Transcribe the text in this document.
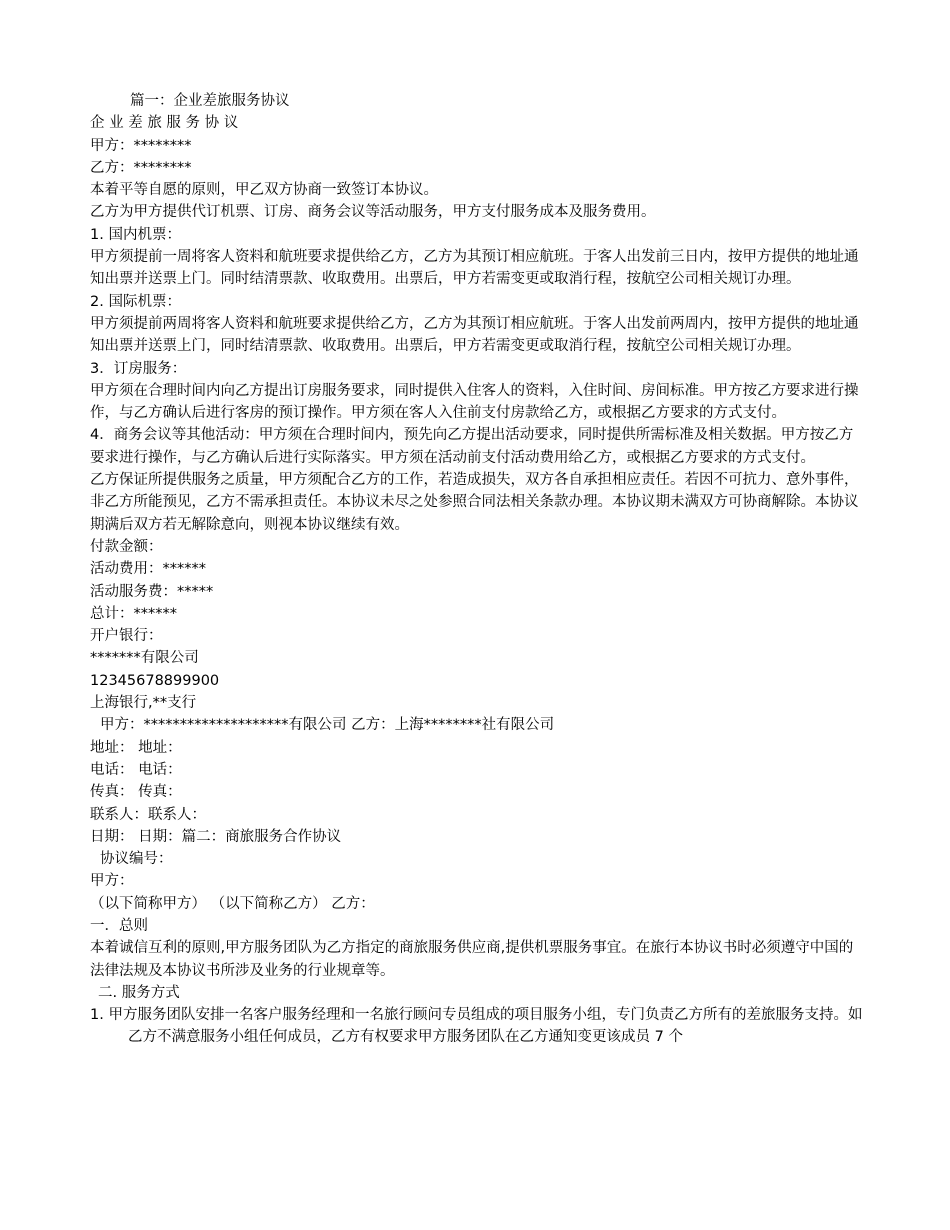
篇一：企业差旅服务协议
企 业 差 旅 服 务 协 议
甲方：********
乙方：********
本着平等自愿的原则，甲乙双方协商一致签订本协议。
乙方为甲方提供代订机票、订房、商务会议等活动服务，甲方支付服务成本及服务费用。
1. 国内机票：
甲方须提前一周将客人资料和航班要求提供给乙方，乙方为其预订相应航班。于客人出发前三日内，按甲方提供的地址通知出票并送票上门。同时结清票款、收取费用。出票后，甲方若需变更或取消行程，按航空公司相关规订办理。
2. 国际机票：
甲方须提前两周将客人资料和航班要求提供给乙方，乙方为其预订相应航班。于客人出发前两周内，按甲方提供的地址通知出票并送票上门，同时结清票款、收取费用。出票后，甲方若需变更或取消行程，按航空公司相关规订办理。
3．订房服务：
甲方须在合理时间内向乙方提出订房服务要求，同时提供入住客人的资料，入住时间、房间标准。甲方按乙方要求进行操作，与乙方确认后进行客房的预订操作。甲方须在客人入住前支付房款给乙方，或根据乙方要求的方式支付。
4．商务会议等其他活动：甲方须在合理时间内，预先向乙方提出活动要求，同时提供所需标准及相关数据。甲方按乙方要求进行操作，与乙方确认后进行实际落实。甲方须在活动前支付活动费用给乙方，或根据乙方要求的方式支付。
乙方保证所提供服务之质量，甲方须配合乙方的工作，若造成损失，双方各自承担相应责任。若因不可抗力、意外事件，非乙方所能预见，乙方不需承担责任。本协议未尽之处参照合同法相关条款办理。本协议期未满双方可协商解除。本协议期满后双方若无解除意向，则视本协议继续有效。
付款金额：
活动费用：******
活动服务费：*****
总计：******
开户银行：
*******有限公司
12345678899900
上海银行,**支行
甲方：********************有限公司 乙方：上海********社有限公司
地址： 地址：
电话： 电话：
传真： 传真：
联系人：联系人：
日期： 日期：篇二：商旅服务合作协议
协议编号：
甲方：
（以下简称甲方） （以下简称乙方） 乙方：
一．总则
本着诚信互利的原则,甲方服务团队为乙方指定的商旅服务供应商,提供机票服务事宜。在旅行本协议书时必须遵守中国的法律法规及本协议书所涉及业务的行业规章等。
二. 服务方式
1. 甲方服务团队安排一名客户服务经理和一名旅行顾问专员组成的项目服务小组，专门负责乙方所有的差旅服务支持。如乙方不满意服务小组任何成员，乙方有权要求甲方服务团队在乙方通知变更该成员 7 个
